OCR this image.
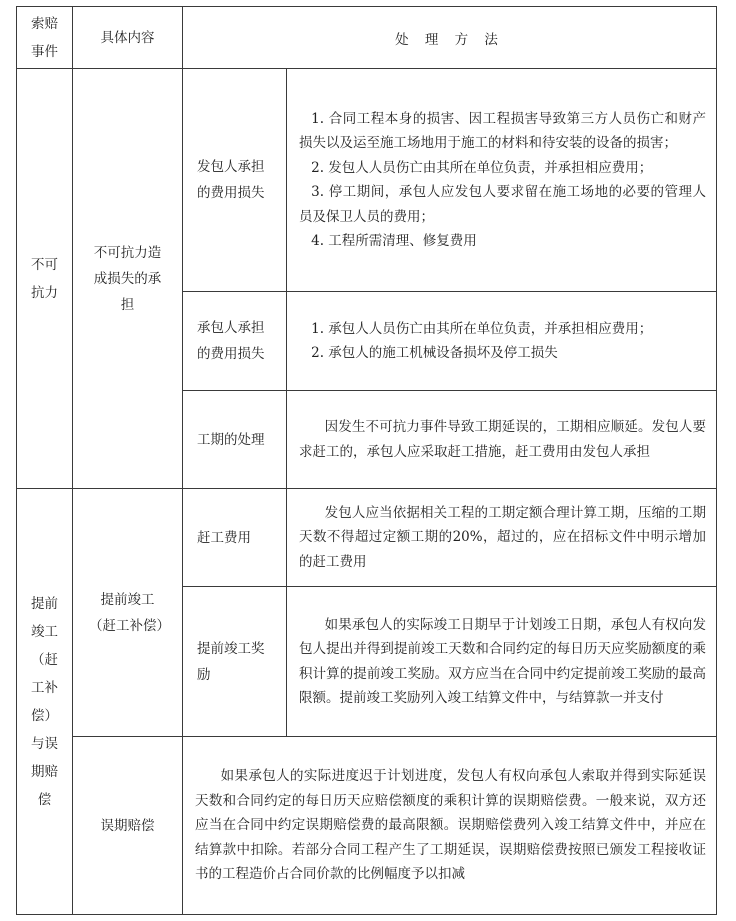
索赔事件	具体内容	处 理 方 法	
不可抗力	不可抗力造成损失的承担	发包人承担的费用损失	1. 合同工程本身的损害、因工程损害导致第三方人员伤亡和财产损失以及运至施工场地用于施工的材料和待安装的设备的损害；
2. 发包人人员伤亡由其所在单位负责，并承担相应费用；
3. 停工期间，承包人应发包人要求留在施工场地的必要的管理人员及保卫人员的费用；
4. 工程所需清理、修复费用

		承包人承担的费用损失	1. 承包人人员伤亡由其所在单位负责，并承担相应费用；
2. 承包人的施工机械设备损坏及停工损失

		工期的处理	因发生不可抗力事件导致工期延误的，工期相应顺延。发包人要求赶工的，承包人应采取赶工措施，赶工费用由发包人承担

提前竣工（赶工补偿）与误期赔偿	提前竣工（赶工补偿）	赶工费用	发包人应当依据相关工程的工期定额合理计算工期，压缩的工期天数不得超过定额工期的20%，超过的，应在招标文件中明示增加的赶工费用

		提前竣工奖励	如果承包人的实际竣工日期早于计划竣工日期，承包人有权向发包人提出并得到提前竣工天数和合同约定的每日历天应奖励额度的乘积计算的提前竣工奖励。双方应当在合同中约定提前竣工奖励的最高限额。提前竣工奖励列入竣工结算文件中，与结算款一并支付

	误期赔偿	如果承包人的实际进度迟于计划进度，发包人有权向承包人索取并得到实际延误天数和合同约定的每日历天应赔偿额度的乘积计算的误期赔偿费。一般来说，双方还应当在合同中约定误期赔偿费的最高限额。误期赔偿费列入竣工结算文件中，并应在结算款中扣除。若部分合同工程产生了工期延误，误期赔偿费按照已颁发工程接收证书的工程造价占合同价款的比例幅度予以扣减	
